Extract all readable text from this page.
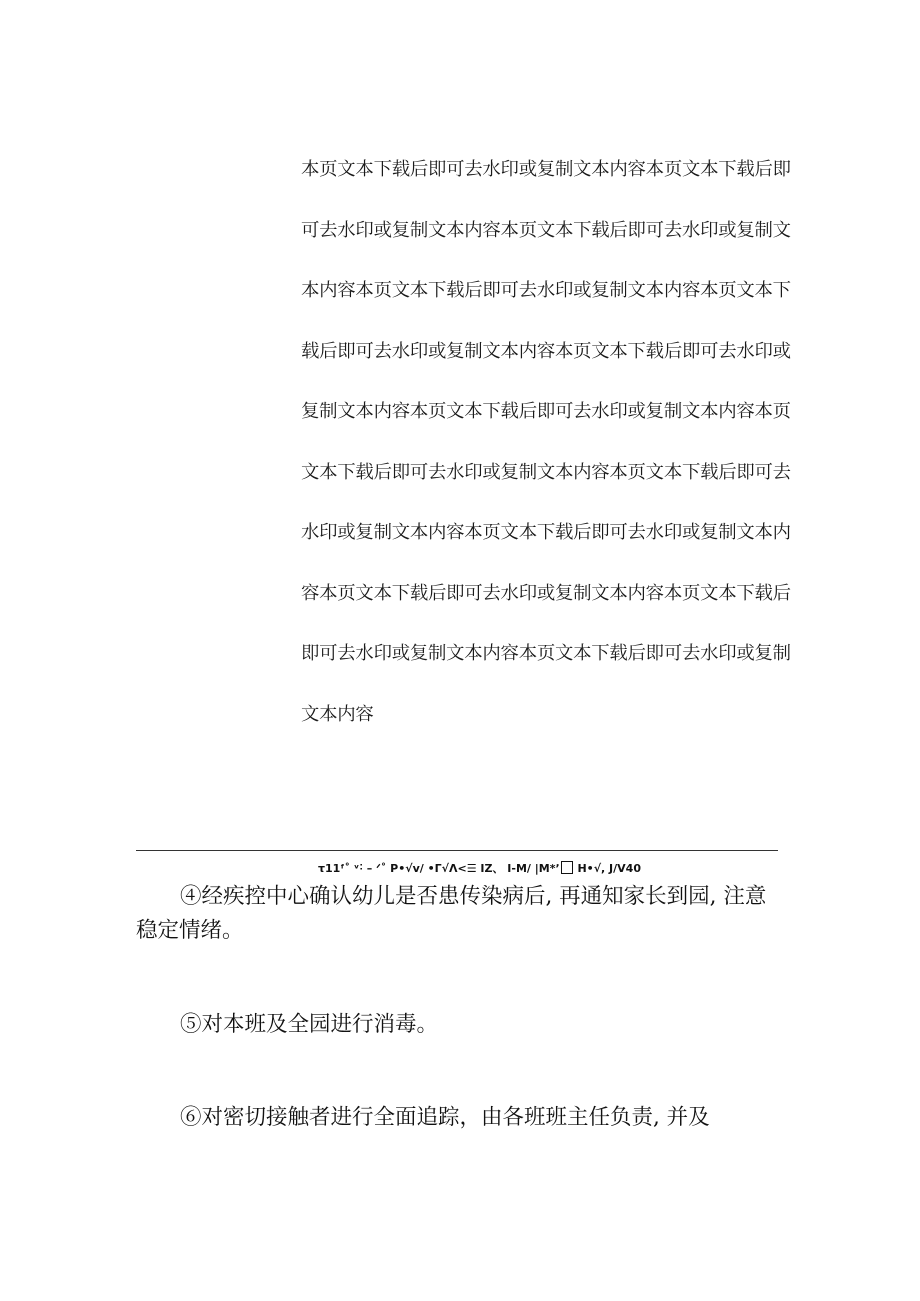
本页文本下载后即可去水印或复制文本内容本页文本下载后即
可去水印或复制文本内容本页文本下载后即可去水印或复制文
本内容本页文本下载后即可去水印或复制文本内容本页文本下
载后即可去水印或复制文本内容本页文本下载后即可去水印或
复制文本内容本页文本下载后即可去水印或复制文本内容本页
文本下载后即可去水印或复制文本内容本页文本下载后即可去
水印或复制文本内容本页文本下载后即可去水印或复制文本内
容本页文本下载后即可去水印或复制文本内容本页文本下载后
即可去水印或复制文本内容本页文本下载后即可去水印或复制
文本内容
τ11ᶠ˚ ᵛ˸ – ᐟ˚ P•√v/ •Γ√Λ<☰ IZ、 I-M/ |M*ʼ H•√, J/V40

④经疾控中心确认幼儿是否患传染病后, 再通知家长到园, 注意稳定情绪。

⑤对本班及全园进行消毒。

⑥对密切接触者进行全面追踪，由各班班主任负责, 并及
